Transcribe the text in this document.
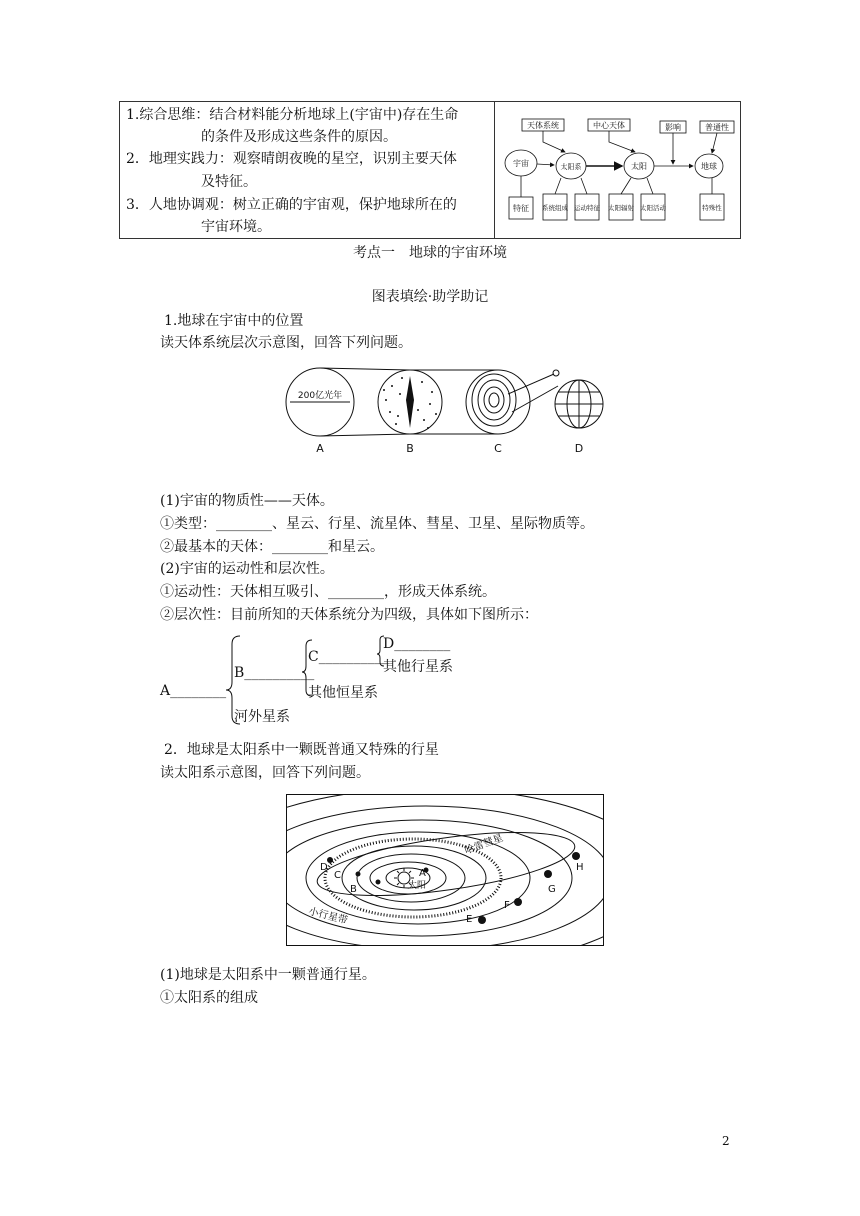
1.综合思维：结合材料能分析地球上(宇宙中)存在生命
的条件及形成这些条件的原因。
2．地理实践力：观察晴朗夜晚的星空，识别主要天体
及特征。
3．人地协调观：树立正确的宇宙观，保护地球所在的
宇宙环境。
天体系统	中心天体	影响	普通性
宇宙	太阳系	太阳	地球
特征 系统组成 运动特征 太阳辐射 太阳活动	特殊性
考点一　地球的宇宙环境
图表填绘·助学助记
1.地球在宇宙中的位置
读天体系统层次示意图，回答下列问题。
200亿光年
A	B	C	D
(1)宇宙的物质性——天体。
①类型：________、星云、行星、流星体、彗星、卫星、星际物质等。
②最基本的天体：________和星云。
(2)宇宙的运动性和层次性。
①运动性：天体相互吸引、________，形成天体系统。
②层次性：目前所知的天体系统分为四级，具体如下图所示：
A________
B__________
C__________
D________
其他行星系
其他恒星系
河外星系
2．地球是太阳系中一颗既普通又特殊的行星
读太阳系示意图，回答下列问题。
哈雷彗星
太阳
小行星带
A
B
C
D
E
F
G
H
(1)地球是太阳系中一颗普通行星。
①太阳系的组成
2
